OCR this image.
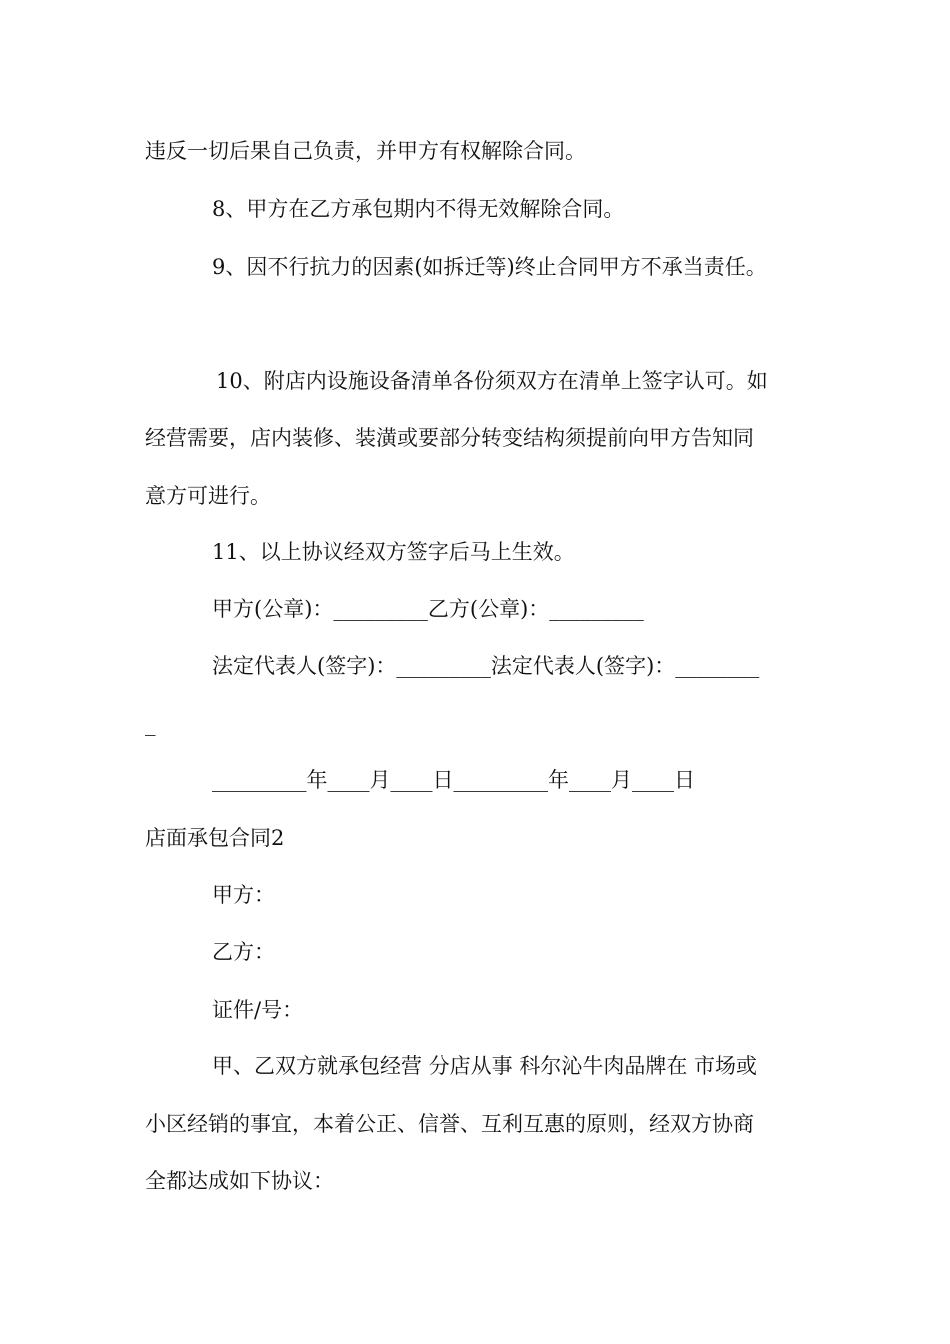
违反一切后果自己负责，并甲方有权解除合同。
8、甲方在乙方承包期内不得无效解除合同。
9、因不行抗力的因素(如拆迁等)终止合同甲方不承当责任。
10、附店内设施设备清单各份须双方在清单上签字认可。如
经营需要，店内装修、装潢或要部分转变结构须提前向甲方告知同
意方可进行。
11、以上协议经双方签字后马上生效。
甲方(公章)：_________乙方(公章)：_________
法定代表人(签字)：_________法定代表人(签字)：________
_
_________年____月____日_________年____月____日
店面承包合同2
甲方：
乙方：
证件/号：
甲、乙双方就承包经营 分店从事 科尔沁牛肉品牌在 市场或
小区经销的事宜，本着公正、信誉、互利互惠的原则，经双方协商
全都达成如下协议：
